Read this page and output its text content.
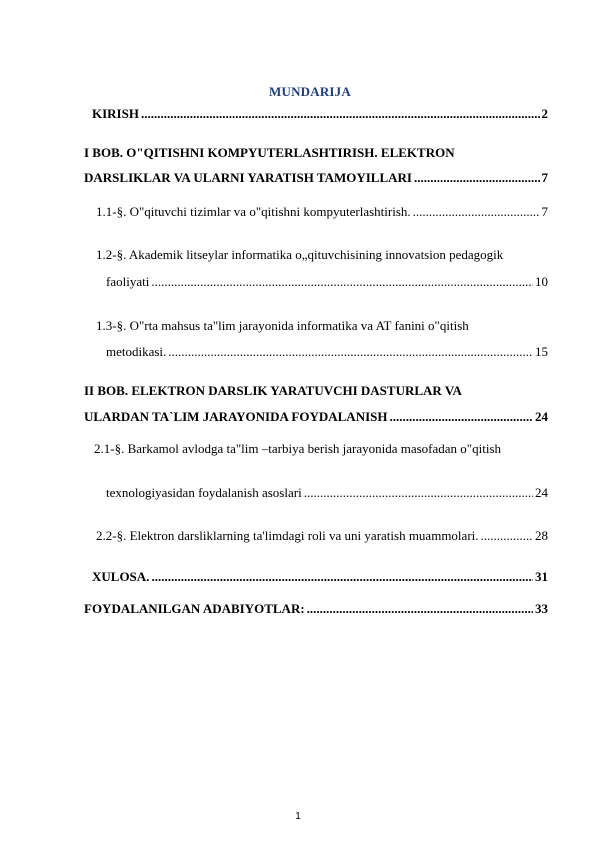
MUNDARIJA
KIRISH .....	2
I BOB. O"QITISHNI KOMPYUTERLASHTIRISH. ELEKTRON
DARSLIKLAR VA ULARNI YARATISH TAMOYILLARI .....	7
1.1-§. O"qituvchi tizimlar va o"qitishni kompyuterlashtirish. .....	7
1.2-§. Akademik litseylar informatika o„qituvchisining innovatsion pedagogik
faoliyati .....	10
1.3-§. O"rta mahsus ta"lim jarayonida informatika va AT fanini o"qitish
metodikasi. .....	15
II BOB. ELEKTRON DARSLIK YARATUVCHI DASTURLAR VA
ULARDAN TA`LIM JARAYONIDA FOYDALANISH .....	24
2.1-§. Barkamol avlodga ta"lim –tarbiya berish jarayonida masofadan o"qitish
texnologiyasidan foydalanish asoslari .....	24
2.2-§. Elektron darsliklarning ta'limdagi roli va uni yaratish muammolari. .....	28
XULOSA. .....	31
FOYDALANILGAN ADABIYOTLAR: .....	33
1
